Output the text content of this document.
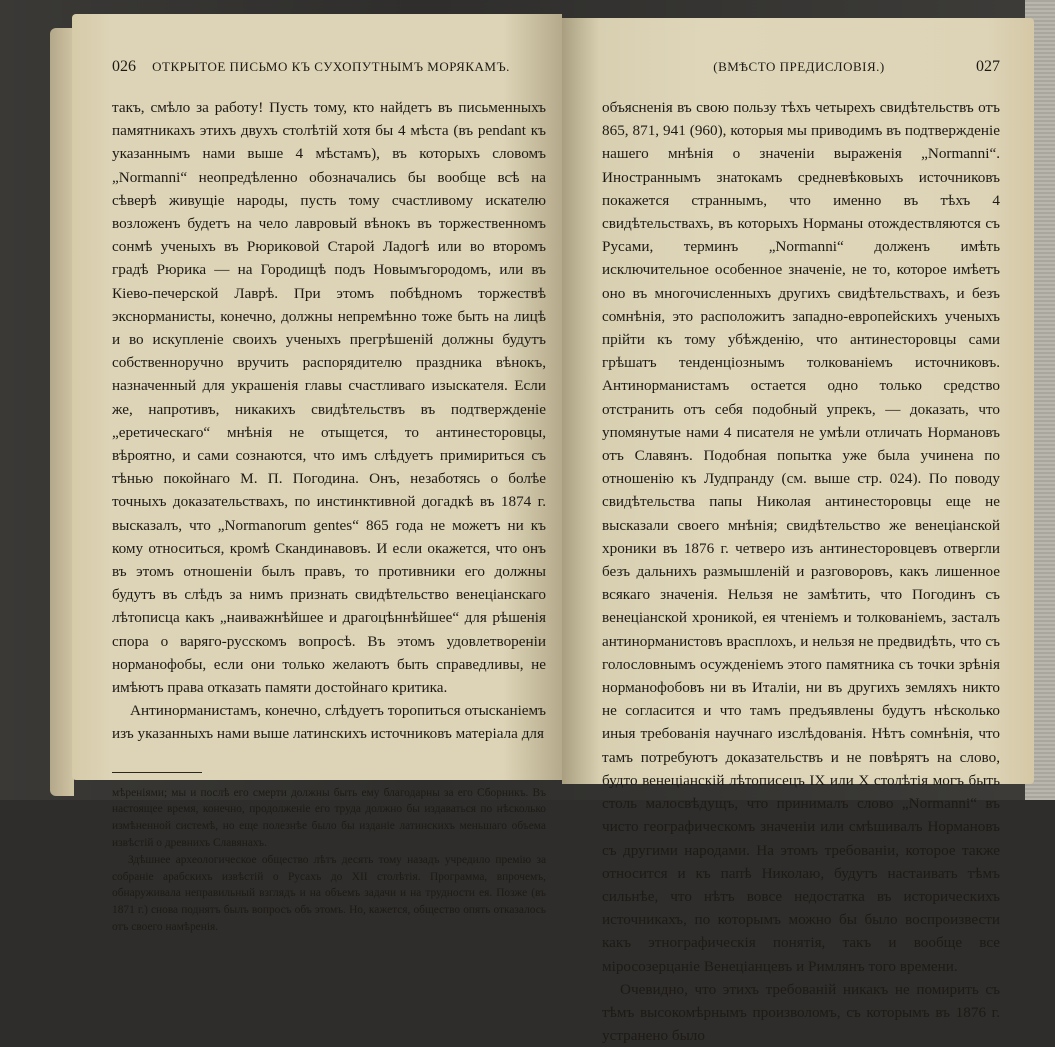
026 ОТКРЫТОЕ ПИСЬМО КЪ СУХОПУТНЫМЪ МОРЯКАМЪ.

такъ, смѣло за работу! Пусть тому, кто найдетъ въ письменныхъ памятникахъ этихъ двухъ столѣтій хотя бы 4 мѣста (въ pendant къ указаннымъ нами выше 4 мѣстамъ), въ которыхъ словомъ „Normanni“ неопредѣленно обозначались бы вообще всѣ на сѣверѣ живущіе народы, пусть тому счастливому искателю возложенъ будетъ на чело лавровый вѣнокъ въ торжественномъ сонмѣ ученыхъ въ Рюриковой Старой Ладогѣ или во второмъ градѣ Рюрика — на Городищѣ подъ Новымъгородомъ, или въ Кіево-печерской Лаврѣ. При этомъ побѣдномъ торжествѣ экснорманисты, конечно, должны непремѣнно тоже быть на лицѣ и во искупленіе своихъ ученыхъ прегрѣшеній должны будутъ собственноручно вручить распорядителю праздника вѣнокъ, назначенный для украшенія главы счастливаго изыскателя. Если же, напротивъ, никакихъ свидѣтельствъ въ подтвержденіе „еретическаго“ мнѣнія не отыщется, то антинесторовцы, вѣроятно, и сами сознаются, что имъ слѣдуетъ примириться съ тѣнью покойнаго М. П. Погодина. Онъ, незаботясь о болѣе точныхъ доказательствахъ, по инстинктивной догадкѣ въ 1874 г. высказалъ, что „Normanorum gentes“ 865 года не можетъ ни къ кому относиться, кромѣ Скандинавовъ. И если окажется, что онъ въ этомъ отношеніи былъ правъ, то противники его должны будутъ въ слѣдъ за нимъ признать свидѣтельство венеціанскаго лѣтописца какъ „наиважнѣйшее и драгоцѣннѣйшее“ для рѣшенія спора о варяго-русскомъ вопросѣ. Въ этомъ удовлетвореніи норманофобы, если они только желаютъ быть справедливы, не имѣютъ права отказать памяти достойнаго критика.

Антинорманистамъ, конечно, слѣдуетъ торопиться отысканіемъ изъ указанныхъ нами выше латинскихъ источниковъ матеріала для

мѣреніями; мы и послѣ его смерти должны быть ему благодарны за его Сборникъ. Въ настоящее время, конечно, продолженіе его труда должно бы издаваться по нѣсколько измѣненной системѣ, но еще полезнѣе было бы изданіе латинскихъ меньшаго объема извѣстій о древнихъ Славянахъ.

Здѣшнее археологическое общество лѣтъ десять тому назадъ учредило премію за собраніе арабскихъ извѣстій о Русахъ до XII столѣтія. Программа, впрочемъ, обнаруживала неправильный взглядъ и на объемъ задачи и на трудности ея. Позже (въ 1871 г.) снова поднятъ былъ вопросъ объ этомъ. Но, кажется, общество опять отказалось отъ своего намѣренія.

(ВМѢСТО ПРЕДИСЛОВІЯ.)	027

объясненія въ свою пользу тѣхъ четырехъ свидѣтельствъ отъ 865, 871, 941 (960), которыя мы приводимъ въ подтвержденіе нашего мнѣнія о значеніи выраженія „Normanni“. Иностраннымъ знатокамъ средневѣковыхъ источниковъ покажется страннымъ, что именно въ тѣхъ 4 свидѣтельствахъ, въ которыхъ Норманы отождествляются съ Русами, терминъ „Normanni“ долженъ имѣть исключительное особенное значеніе, не то, которое имѣетъ оно въ многочисленныхъ другихъ свидѣтельствахъ, и безъ сомнѣнія, это расположитъ западно-европейскихъ ученыхъ прійти къ тому убѣжденію, что антинесторовцы сами грѣшатъ тенденціознымъ толкованіемъ источниковъ. Антинорманистамъ остается одно только средство отстранить отъ себя подобный упрекъ, — доказать, что упомянутые нами 4 писателя не умѣли отличать Нормановъ отъ Славянъ. Подобная попытка уже была учинена по отношенію къ Лудпранду (см. выше стр. 024). По поводу свидѣтельства папы Николая антинесторовцы еще не высказали своего мнѣнія; свидѣтельство же венеціанской хроники въ 1876 г. четверо изъ антинесторовцевъ отвергли безъ дальнихъ размышленій и разговоровъ, какъ лишенное всякаго значенія. Нельзя не замѣтить, что Погодинъ съ венеціанской хроникой, ея чтеніемъ и толкованіемъ, засталъ антинорманистовъ врасплохъ, и нельзя не предвидѣть, что съ голословнымъ осужденіемъ этого памятника съ точки зрѣнія норманофобовъ ни въ Италіи, ни въ другихъ земляхъ никто не согласится и что тамъ предъявлены будутъ нѣсколько иныя требованія научнаго изслѣдованія. Нѣтъ сомнѣнія, что тамъ потребуютъ доказательствъ и не повѣрятъ на слово, будто венеціанскій лѣтописецъ IX или X столѣтія могъ быть столь малосвѣдущъ, что принималъ слово „Normanni“ въ чисто географическомъ значеніи или смѣшивалъ Нормановъ съ другими народами. На этомъ требованіи, которое также относится и къ папѣ Николаю, будутъ настаивать тѣмъ сильнѣе, что нѣтъ вовсе недостатка въ историческихъ источникахъ, по которымъ можно бы было воспроизвести какъ этнографическія понятія, такъ и вообще все міросозерцаніе Венеціанцевъ и Римлянъ того времени.

Очевидно, что этихъ требованій никакъ не помирить съ тѣмъ высокомѣрнымъ произволомъ, съ которымъ въ 1876 г. устранено было
